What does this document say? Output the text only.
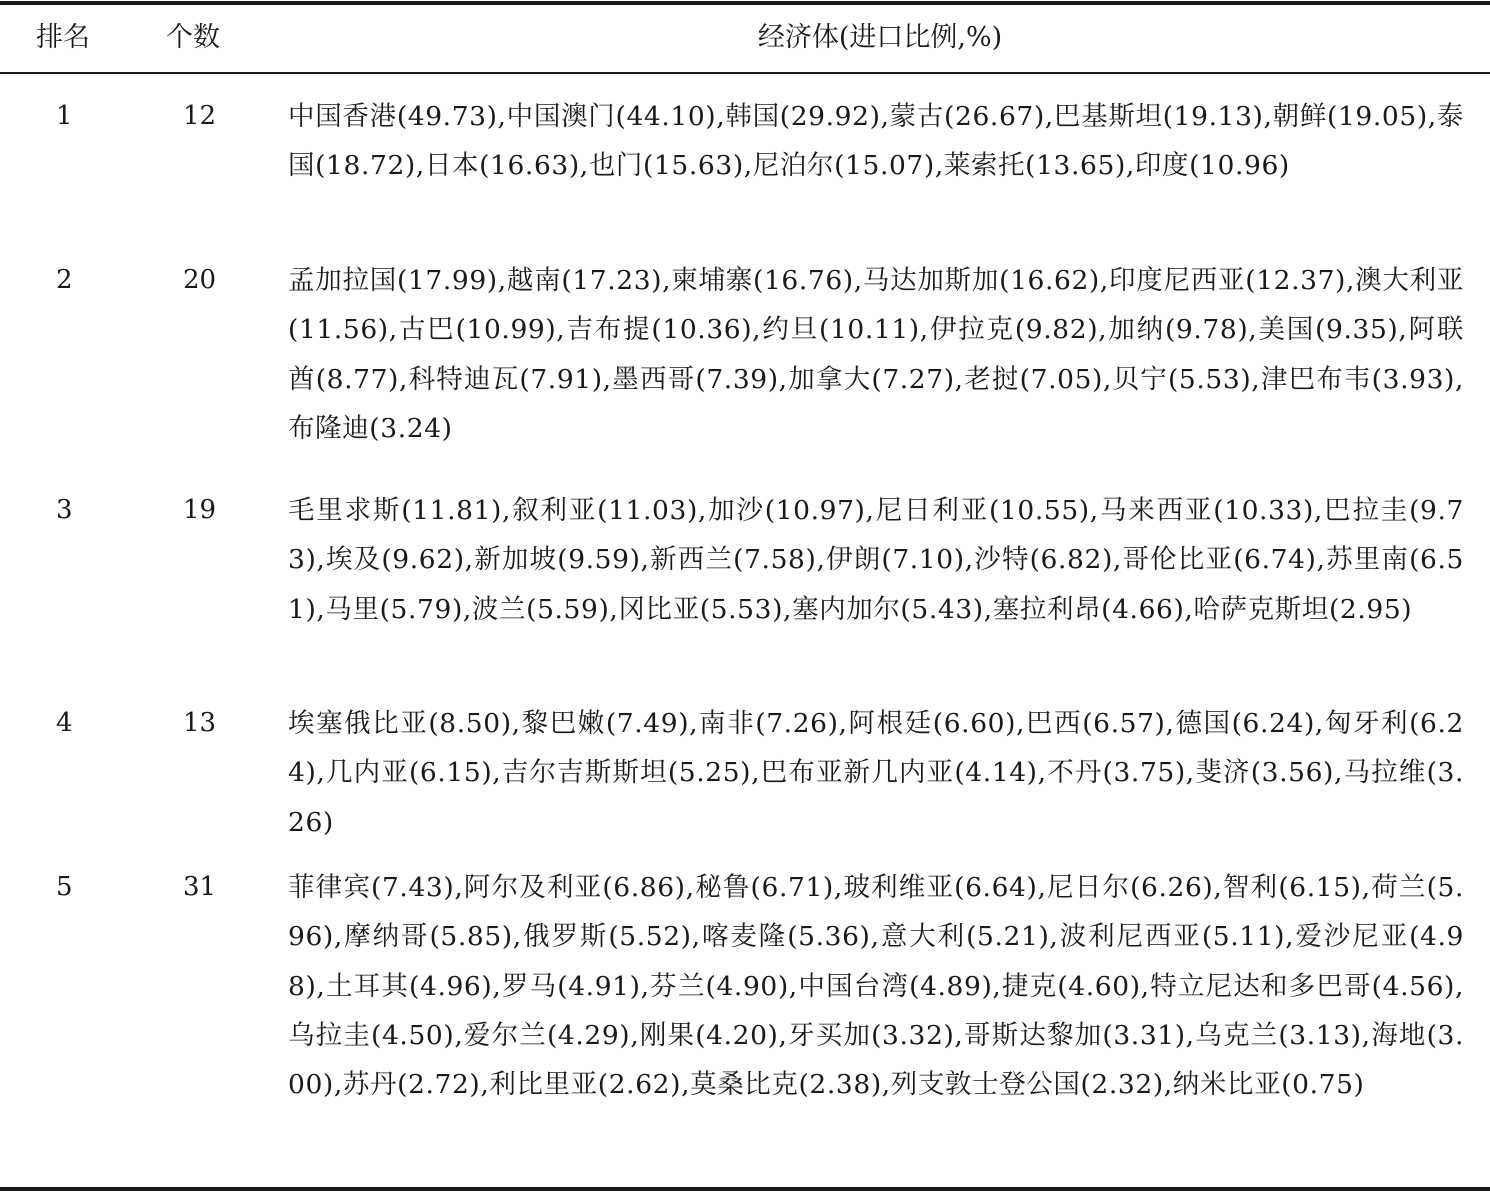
排名	个数	经济体(进口比例,%)
1	12	中国香港(49.73),中国澳门(44.10),韩国(29.92),蒙古(26.67),巴基斯坦(19.13),朝鲜(19.05),泰国(18.72),日本(16.63),也门(15.63),尼泊尔(15.07),莱索托(13.65),印度(10.96)
2	20	孟加拉国(17.99),越南(17.23),柬埔寨(16.76),马达加斯加(16.62),印度尼西亚(12.37),澳大利亚(11.56),古巴(10.99),吉布提(10.36),约旦(10.11),伊拉克(9.82),加纳(9.78),美国(9.35),阿联酋(8.77),科特迪瓦(7.91),墨西哥(7.39),加拿大(7.27),老挝(7.05),贝宁(5.53),津巴布韦(3.93),布隆迪(3.24)
3	19	毛里求斯(11.81),叙利亚(11.03),加沙(10.97),尼日利亚(10.55),马来西亚(10.33),巴拉圭(9.73),埃及(9.62),新加坡(9.59),新西兰(7.58),伊朗(7.10),沙特(6.82),哥伦比亚(6.74),苏里南(6.51),马里(5.79),波兰(5.59),冈比亚(5.53),塞内加尔(5.43),塞拉利昂(4.66),哈萨克斯坦(2.95)
4	13	埃塞俄比亚(8.50),黎巴嫩(7.49),南非(7.26),阿根廷(6.60),巴西(6.57),德国(6.24),匈牙利(6.24),几内亚(6.15),吉尔吉斯斯坦(5.25),巴布亚新几内亚(4.14),不丹(3.75),斐济(3.56),马拉维(3.26)
5	31	菲律宾(7.43),阿尔及利亚(6.86),秘鲁(6.71),玻利维亚(6.64),尼日尔(6.26),智利(6.15),荷兰(5.96),摩纳哥(5.85),俄罗斯(5.52),喀麦隆(5.36),意大利(5.21),波利尼西亚(5.11),爱沙尼亚(4.98),土耳其(4.96),罗马(4.91),芬兰(4.90),中国台湾(4.89),捷克(4.60),特立尼达和多巴哥(4.56),乌拉圭(4.50),爱尔兰(4.29),刚果(4.20),牙买加(3.32),哥斯达黎加(3.31),乌克兰(3.13),海地(3.00),苏丹(2.72),利比里亚(2.62),莫桑比克(2.38),列支敦士登公国(2.32),纳米比亚(0.75)
